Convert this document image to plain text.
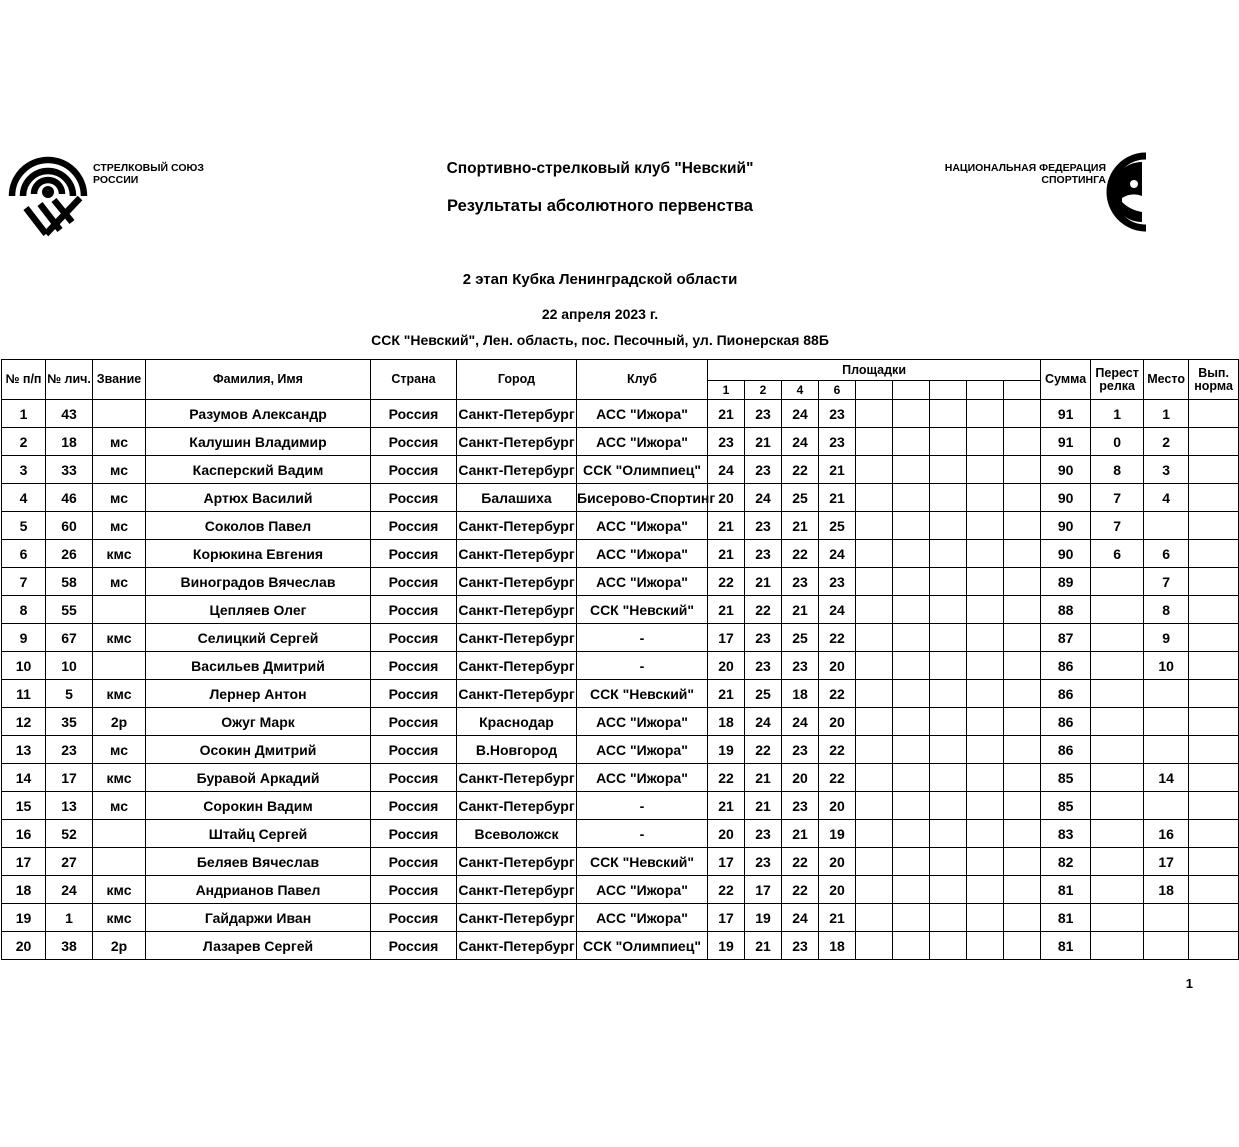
СТРЕЛКОВЫЙ СОЮЗ
РОССИИ
НАЦИОНАЛЬНАЯ ФЕДЕРАЦИЯ
СПОРТИНГА
Спортивно-стрелковый клуб "Невский"
Результаты абсолютного первенства
2 этап Кубка Ленинградской области
22 апреля 2023 г.
ССК "Невский", Лен. область, пос. Песочный, ул. Пионерская 88Б
№ п/п	№ лич.	Звание	Фамилия, Имя	Страна	Город	Клуб	Площадки									Сумма	Перест релка	Место	Вып. норма
							1	2	4	6									
1	43		Разумов Александр	Россия	Санкт-Петербург	АСС "Ижора"	21	23	24	23						91	1	1	
2	18	мс	Калушин Владимир	Россия	Санкт-Петербург	АСС "Ижора"	23	21	24	23						91	0	2	
3	33	мс	Касперский Вадим	Россия	Санкт-Петербург	ССК "Олимпиец"	24	23	22	21						90	8	3	
4	46	мс	Артюх Василий	Россия	Балашиха	Бисерово-Спортинг	20	24	25	21						90	7	4	
5	60	мс	Соколов Павел	Россия	Санкт-Петербург	АСС "Ижора"	21	23	21	25						90	7		
6	26	кмс	Корюкина Евгения	Россия	Санкт-Петербург	АСС "Ижора"	21	23	22	24						90	6	6	
7	58	мс	Виноградов Вячеслав	Россия	Санкт-Петербург	АСС "Ижора"	22	21	23	23						89		7	
8	55		Цепляев Олег	Россия	Санкт-Петербург	ССК "Невский"	21	22	21	24						88		8	
9	67	кмс	Селицкий Сергей	Россия	Санкт-Петербург	-	17	23	25	22						87		9	
10	10		Васильев Дмитрий	Россия	Санкт-Петербург	-	20	23	23	20						86		10	
11	5	кмс	Лернер Антон	Россия	Санкт-Петербург	ССК "Невский"	21	25	18	22						86			
12	35	2р	Ожуг Марк	Россия	Краснодар	АСС "Ижора"	18	24	24	20						86			
13	23	мс	Осокин Дмитрий	Россия	В.Новгород	АСС "Ижора"	19	22	23	22						86			
14	17	кмс	Буравой Аркадий	Россия	Санкт-Петербург	АСС "Ижора"	22	21	20	22						85		14	
15	13	мс	Сорокин Вадим	Россия	Санкт-Петербург	-	21	21	23	20						85			
16	52		Штайц Сергей	Россия	Всеволожск	-	20	23	21	19						83		16	
17	27		Беляев Вячеслав	Россия	Санкт-Петербург	ССК "Невский"	17	23	22	20						82		17	
18	24	кмс	Андрианов Павел	Россия	Санкт-Петербург	АСС "Ижора"	22	17	22	20						81		18	
19	1	кмс	Гайдаржи Иван	Россия	Санкт-Петербург	АСС "Ижора"	17	19	24	21						81			
20	38	2р	Лазарев Сергей	Россия	Санкт-Петербург	ССК "Олимпиец"	19	21	23	18						81			
1
